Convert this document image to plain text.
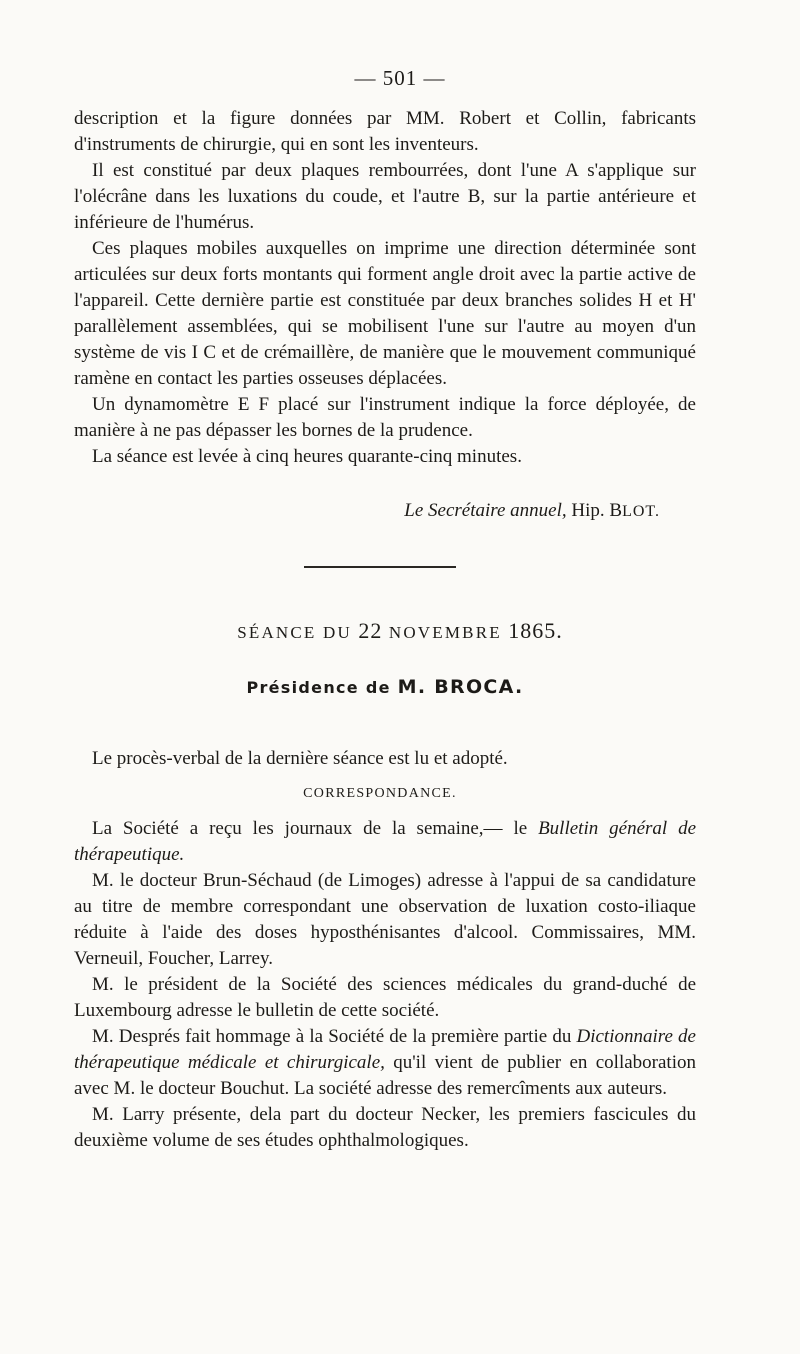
— 501 —

description et la figure données par MM. Robert et Collin, fabricants d'instruments de chirurgie, qui en sont les inventeurs.

Il est constitué par deux plaques rembourrées, dont l'une A s'applique sur l'olécrâne dans les luxations du coude, et l'autre B, sur la partie antérieure et inférieure de l'humérus.

Ces plaques mobiles auxquelles on imprime une direction déterminée sont articulées sur deux forts montants qui forment angle droit avec la partie active de l'appareil. Cette dernière partie est constituée par deux branches solides H et H' parallèlement assemblées, qui se mobilisent l'une sur l'autre au moyen d'un système de vis I C et de crémaillère, de manière que le mouvement communiqué ramène en contact les parties osseuses déplacées.

Un dynamomètre E F placé sur l'instrument indique la force déployée, de manière à ne pas dépasser les bornes de la prudence.

La séance est levée à cinq heures quarante-cinq minutes.

Le Secrétaire annuel, Hip. BLOT.
SÉANCE DU 22 NOVEMBRE 1865.
Présidence de M. BROCA.
Le procès-verbal de la dernière séance est lu et adopté.
CORRESPONDANCE.

La Société a reçu les journaux de la semaine,— le Bulletin général de thérapeutique.

M. le docteur Brun-Séchaud (de Limoges) adresse à l'appui de sa candidature au titre de membre correspondant une observation de luxation costo-iliaque réduite à l'aide des doses hyposthénisantes d'alcool. Commissaires, MM. Verneuil, Foucher, Larrey.

M. le président de la Société des sciences médicales du grand-duché de Luxembourg adresse le bulletin de cette société.

M. Després fait hommage à la Société de la première partie du Dictionnaire de thérapeutique médicale et chirurgicale, qu'il vient de publier en collaboration avec M. le docteur Bouchut. La société adresse des remercîments aux auteurs.

M. Larry présente, dela part du docteur Necker, les premiers fascicules du deuxième volume de ses études ophthalmologiques.
